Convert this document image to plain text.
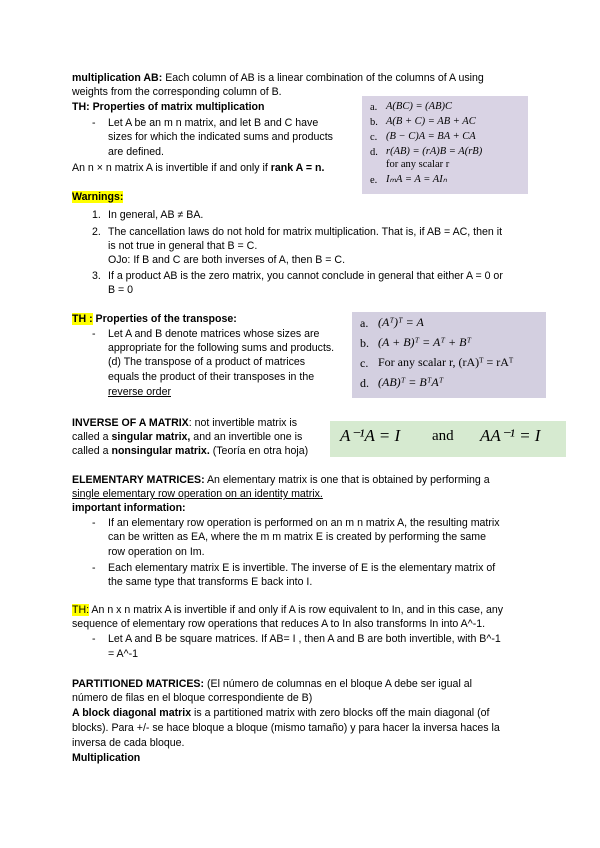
multiplication AB: Each column of AB is a linear combination of the columns of A using
weights from the corresponding column of B.
TH: Properties of matrix multiplication
- Let A be an m n matrix, and let B and C have
sizes for which the indicated sums and products
are defined.
An n × n matrix A is invertible if and only if rank A = n.
a. A(BC) = (AB)C
b. A(B + C) = AB + AC
c. (B − C)A = BA + CA
d. r(AB) = (rA)B = A(rB)
for any scalar r
e. IₘA = A = AIₙ
Warnings:
1. In general, AB ≠ BA.
2. The cancellation laws do not hold for matrix multiplication. That is, if AB = AC, then it
is not true in general that B = C.
OJo: If B and C are both inverses of A, then B = C.
3. If a product AB is the zero matrix, you cannot conclude in general that either A = 0 or
B = 0
TH : Properties of the transpose:
- Let A and B denote matrices whose sizes are
appropriate for the following sums and products.
(d) The transpose of a product of matrices
equals the product of their transposes in the
reverse order
a. (Aᵀ)ᵀ = A
b. (A + B)ᵀ = Aᵀ + Bᵀ
c. For any scalar r, (rA)ᵀ = rAᵀ
d. (AB)ᵀ = BᵀAᵀ
INVERSE OF A MATRIX: not invertible matrix is
called a singular matrix, and an invertible one is
called a nonsingular matrix. (Teoría en otra hoja)
A⁻¹A = I and AA⁻¹ = I
ELEMENTARY MATRICES: An elementary matrix is one that is obtained by performing a
single elementary row operation on an identity matrix.
important information:
- If an elementary row operation is performed on an m n matrix A, the resulting matrix
can be written as EA, where the m m matrix E is created by performing the same
row operation on Im.
- Each elementary matrix E is invertible. The inverse of E is the elementary matrix of
the same type that transforms E back into I.
TH: An n x n matrix A is invertible if and only if A is row equivalent to In, and in this case, any
sequence of elementary row operations that reduces A to In also transforms In into A^-1.
- Let A and B be square matrices. If AB= I , then A and B are both invertible, with B^-1
= A^-1
PARTITIONED MATRICES: (El número de columnas en el bloque A debe ser igual al
número de filas en el bloque correspondiente de B)
A block diagonal matrix is a partitioned matrix with zero blocks off the main diagonal (of
blocks). Para +/- se hace bloque a bloque (mismo tamaño) y para hacer la inversa haces la
inversa de cada bloque.
Multiplication
